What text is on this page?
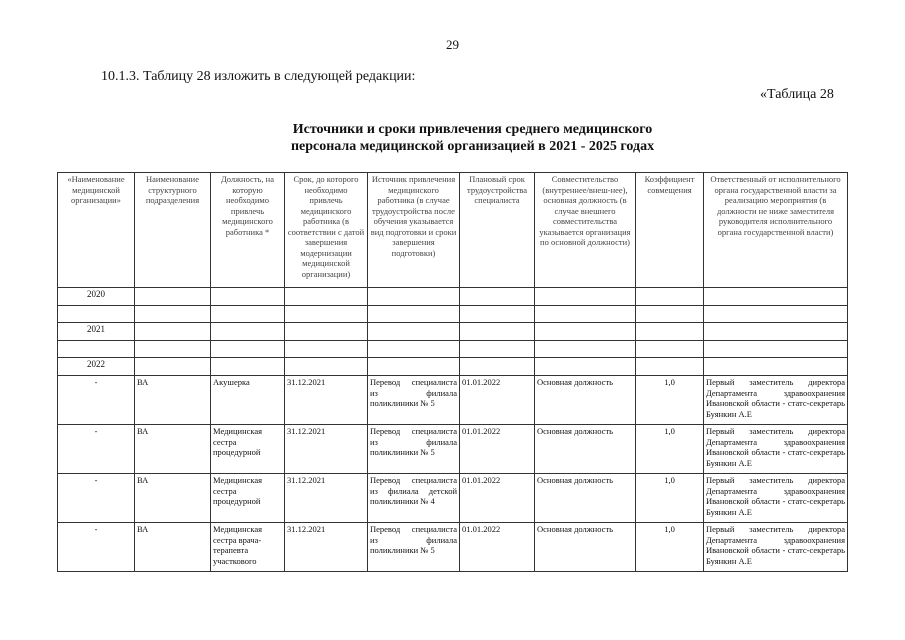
29
10.1.3. Таблицу 28 изложить в следующей редакции:
«Таблица 28
Источники и сроки привлечения среднего медицинского
персонала медицинской организацией в 2021 - 2025 годах
«Наименование медицинской организации»	Наименование структурного подразделения	Должность, на которую необходимо привлечь медицинского работника *	Срок, до которого необходимо привлечь медицинского работника (в соответствии с датой завершения модернизации медицинской организации)	Источник привлечения медицинского работника (в случае трудоустройства после обучения указывается вид подготовки и сроки завершения подготовки)	Плановый срок трудоустройства специалиста	Совместительство (внутреннее/внеш-нее), основная должность (в случае внешнего совместительства указывается организация по основной должности)	Коэффициент совмещения	Ответственный от исполнительного органа государственной власти за реализацию мероприятия (в должности не ниже заместителя руководителя исполнительного органа государственной власти)
2020								

2021								

2022								
-	ВА	Акушерка	31.12.2021	Перевод специалиста из филиала поликлиники № 5	01.01.2022	Основная должность	1,0	Первый заместитель директора Департамента здравоохранения Ивановской области - статс-секретарь Буянкин А.Е
-	ВА	Медицинская сестра процедурной	31.12.2021	Перевод специалиста из филиала поликлиники № 5	01.01.2022	Основная должность	1,0	Первый заместитель директора Департамента здравоохранения Ивановской области - статс-секретарь Буянкин А.Е
-	ВА	Медицинская сестра процедурной	31.12.2021	Перевод специалиста из филиала детской поликлиники № 4	01.01.2022	Основная должность	1,0	Первый заместитель директора Департамента здравоохранения Ивановской области - статс-секретарь Буянкин А.Е
-	ВА	Медицинская сестра врача-терапевта участкового	31.12.2021	Перевод специалиста из филиала поликлиники № 5	01.01.2022	Основная должность	1,0	Первый заместитель директора Департамента здравоохранения Ивановской области - статс-секретарь Буянкин А.Е
